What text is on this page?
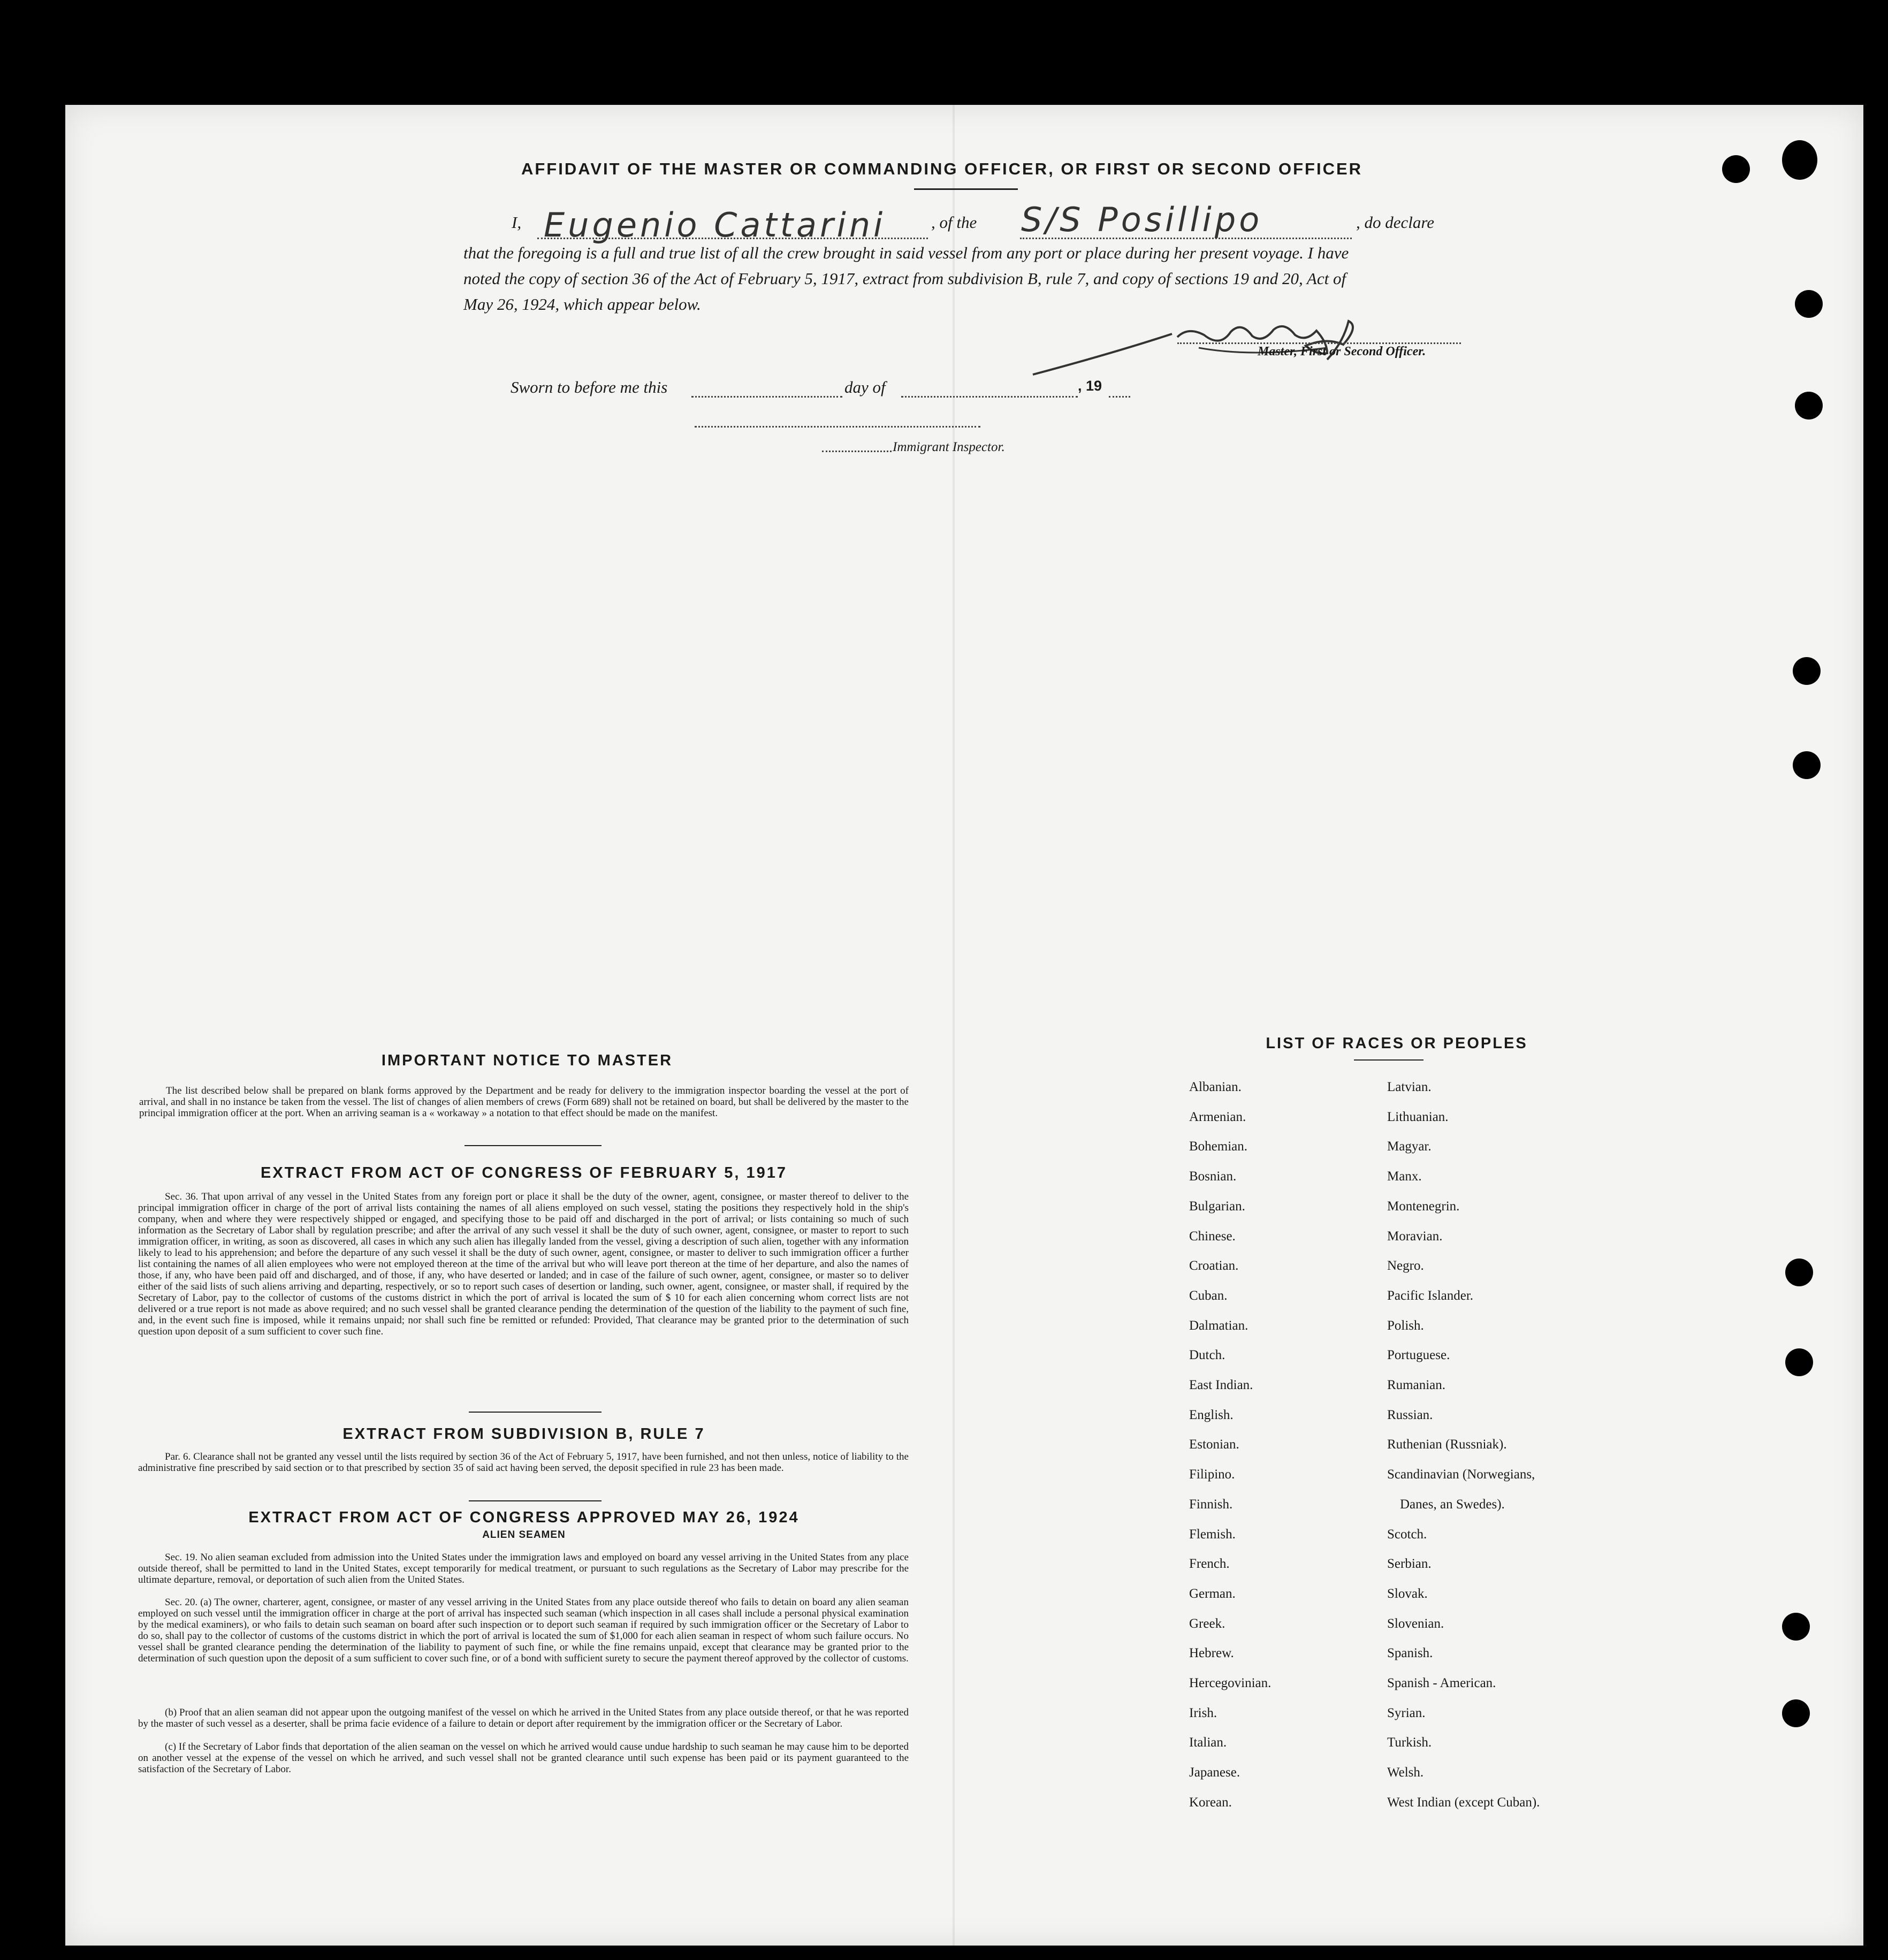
AFFIDAVIT OF THE MASTER OR COMMANDING OFFICER, OR FIRST OR SECOND OFFICER
I, Eugenio Cattarini	, of the S/S Posillipo	, do declare
that the foregoing is a full and true list of all the crew brought in said vessel from any port or place during her present voyage. I have
noted the copy of section 36 of the Act of February 5, 1917, extract from subdivision B, rule 7, and copy of sections 19 and 20, Act of
May 26, 1924, which appear below.
Master, First or Second Officer.
Sworn to before me this	day of	, 19
Immigrant Inspector.
IMPORTANT NOTICE TO MASTER
The list described below shall be prepared on blank forms approved by the Department and be ready for delivery to the immigration inspector boarding the vessel at the port of arrival, and shall in no instance be taken from the vessel. The list of changes of alien members of crews (Form 689) shall not be retained on board, but shall be delivered by the master to the principal immigration officer at the port. When an arriving seaman is a « workaway » a notation to that effect should be made on the manifest.
EXTRACT FROM ACT OF CONGRESS OF FEBRUARY 5, 1917
Sec. 36. That upon arrival of any vessel in the United States from any foreign port or place it shall be the duty of the owner, agent, consignee, or master thereof to deliver to the principal immigration officer in charge of the port of arrival lists containing the names of all aliens employed on such vessel, stating the positions they respectively hold in the ship's company, when and where they were respectively shipped or engaged, and specifying those to be paid off and discharged in the port of arrival; or lists containing so much of such information as the Secretary of Labor shall by regulation prescribe; and after the arrival of any such vessel it shall be the duty of such owner, agent, consignee, or master to report to such immigration officer, in writing, as soon as discovered, all cases in which any such alien has illegally landed from the vessel, giving a description of such alien, together with any information likely to lead to his apprehension; and before the departure of any such vessel it shall be the duty of such owner, agent, consignee, or master to deliver to such immigration officer a further list containing the names of all alien employees who were not employed thereon at the time of the arrival but who will leave port thereon at the time of her departure, and also the names of those, if any, who have been paid off and discharged, and of those, if any, who have deserted or landed; and in case of the failure of such owner, agent, consignee, or master so to deliver either of the said lists of such aliens arriving and departing, respectively, or so to report such cases of desertion or landing, such owner, agent, consignee, or master shall, if required by the Secretary of Labor, pay to the collector of customs of the customs district in which the port of arrival is located the sum of $ 10 for each alien concerning whom correct lists are not delivered or a true report is not made as above required; and no such vessel shall be granted clearance pending the determination of the question of the liability to the payment of such fine, and, in the event such fine is imposed, while it remains unpaid; nor shall such fine be remitted or refunded: Provided, That clearance may be granted prior to the determination of such question upon deposit of a sum sufficient to cover such fine.
EXTRACT FROM SUBDIVISION B, RULE 7
Par. 6. Clearance shall not be granted any vessel until the lists required by section 36 of the Act of February 5, 1917, have been furnished, and not then unless, notice of liability to the administrative fine prescribed by said section or to that prescribed by section 35 of said act having been served, the deposit specified in rule 23 has been made.
EXTRACT FROM ACT OF CONGRESS APPROVED MAY 26, 1924
ALIEN SEAMEN
Sec. 19. No alien seaman excluded from admission into the United States under the immigration laws and employed on board any vessel arriving in the United States from any place outside thereof, shall be permitted to land in the United States, except temporarily for medical treatment, or pursuant to such regulations as the Secretary of Labor may prescribe for the ultimate departure, removal, or deportation of such alien from the United States.
Sec. 20. (a) The owner, charterer, agent, consignee, or master of any vessel arriving in the United States from any place outside thereof who fails to detain on board any alien seaman employed on such vessel until the immigration officer in charge at the port of arrival has inspected such seaman (which inspection in all cases shall include a personal physical examination by the medical examiners), or who fails to detain such seaman on board after such inspection or to deport such seaman if required by such immigration officer or the Secretary of Labor to do so, shall pay to the collector of customs of the customs district in which the port of arrival is located the sum of $1,000 for each alien seaman in respect of whom such failure occurs. No vessel shall be granted clearance pending the determination of the liability to payment of such fine, or while the fine remains unpaid, except that clearance may be granted prior to the determination of such question upon the deposit of a sum sufficient to cover such fine, or of a bond with sufficient surety to secure the payment thereof approved by the collector of customs.
(b) Proof that an alien seaman did not appear upon the outgoing manifest of the vessel on which he arrived in the United States from any place outside thereof, or that he was reported by the master of such vessel as a deserter, shall be prima facie evidence of a failure to detain or deport after requirement by the immigration officer or the Secretary of Labor.
(c) If the Secretary of Labor finds that deportation of the alien seaman on the vessel on which he arrived would cause undue hardship to such seaman he may cause him to be deported on another vessel at the expense of the vessel on which he arrived, and such vessel shall not be granted clearance until such expense has been paid or its payment guaranteed to the satisfaction of the Secretary of Labor.
LIST OF RACES OR PEOPLES
Albanian.
Armenian.
Bohemian.
Bosnian.
Bulgarian.
Chinese.
Croatian.
Cuban.
Dalmatian.
Dutch.
East Indian.
English.
Estonian.
Filipino.
Finnish.
Flemish.
French.
German.
Greek.
Hebrew.
Hercegovinian.
Irish.
Italian.
Japanese.
Korean.
Latvian.
Lithuanian.
Magyar.
Manx.
Montenegrin.
Moravian.
Negro.
Pacific Islander.
Polish.
Portuguese.
Rumanian.
Russian.
Ruthenian (Russniak).
Scandinavian (Norwegians,
Danes, an Swedes).
Scotch.
Serbian.
Slovak.
Slovenian.
Spanish.
Spanish - American.
Syrian.
Turkish.
Welsh.
West Indian (except Cuban).
